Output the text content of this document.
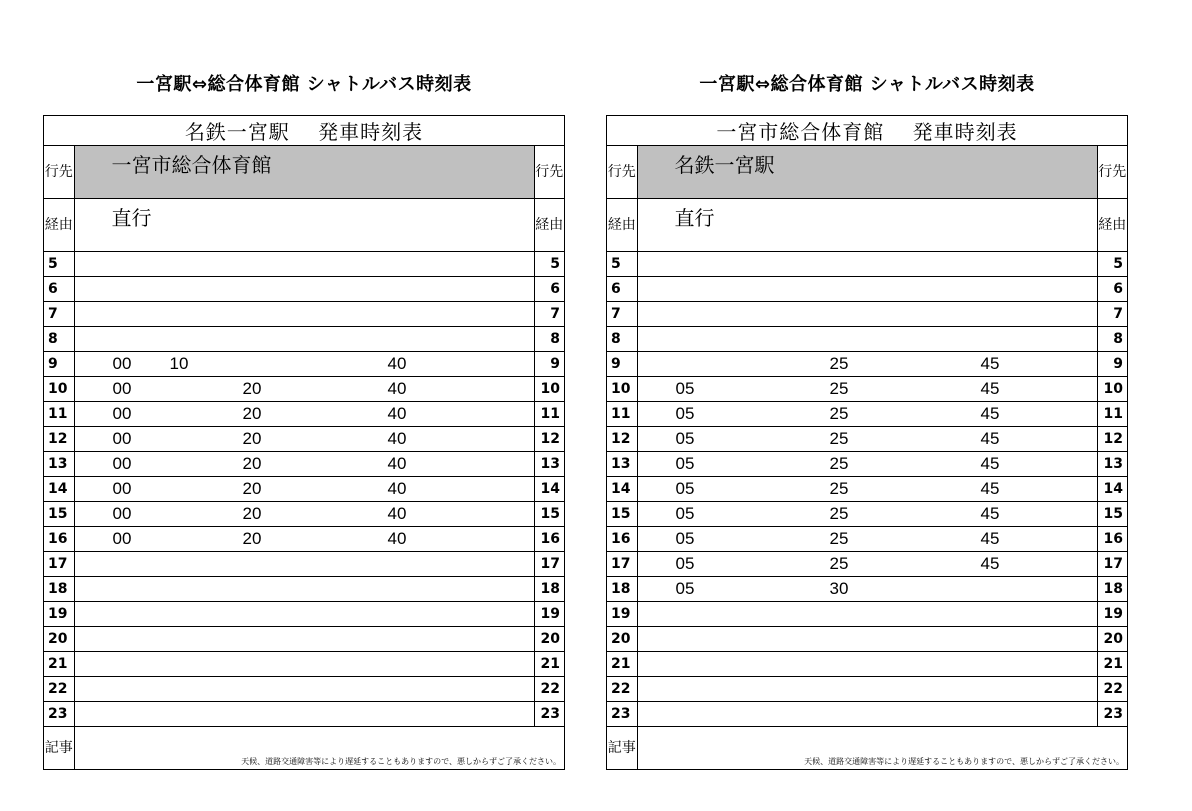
一宮駅⇔総合体育館 シャトルバス時刻表
名鉄一宮駅　 発車時刻表		
行先	一宮市総合体育館	行先
経由	直行	経由
5		5
6		6
7		7
8		8
9	00 10 40	9
10	00 20 40	10
11	00 20 40	11
12	00 20 40	12
13	00 20 40	13
14	00 20 40	14
15	00 20 40	15
16	00 20 40	16
17		17
18		18
19		19
20		20
21		21
22		22
23		23
記事	天候、道路交通障害等により遅延することもありますので、悪しからずご了承ください。	
一宮駅⇔総合体育館 シャトルバス時刻表
一宮市総合体育館　 発車時刻表		
行先	名鉄一宮駅	行先
経由	直行	経由
5		5
6		6
7		7
8		8
9	25 45	9
10	05 25 45	10
11	05 25 45	11
12	05 25 45	12
13	05 25 45	13
14	05 25 45	14
15	05 25 45	15
16	05 25 45	16
17	05 25 45	17
18	05 30	18
19		19
20		20
21		21
22		22
23		23
記事	天候、道路交通障害等により遅延することもありますので、悪しからずご了承ください。	
